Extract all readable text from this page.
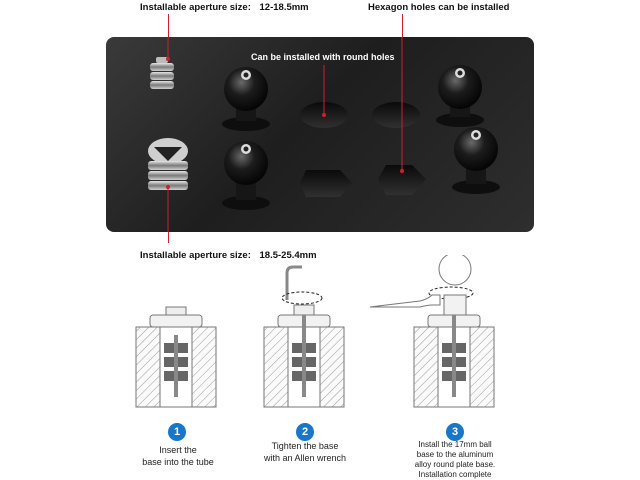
Installable aperture size: 12-18.5mm	Hexagon holes can be installed
Can be installed with round holes
Installable aperture size: 18.5-25.4mm
1
Insert the
base into the tube
2
Tighten the base
with an Allen wrench
3
Install the 17mm ball
base to the aluminum
alloy round plate base.
Installation complete
